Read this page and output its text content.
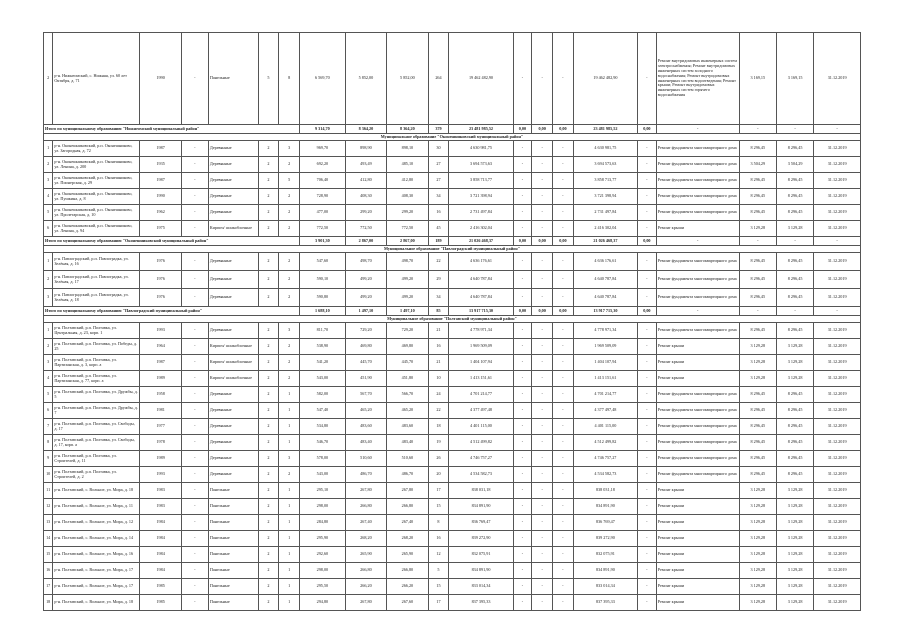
2	р-н. Нижнеомский, с. Нижняя, ул. 60 лет Октября, д. 71	1990	-	Панельные	5	8	6 569,70	5 852,00	5 852,00	264	19 462 482,90	-	-	-	19 462 482,90	-	Ремонт внутридомовых инженерных систем электроснабжения; Ремонт внутридомовых инженерных систем холодного водоснабжения; Ремонт внутридомовых инженерных систем водоотведения; Ремонт крыши; Ремонт внутридомовых инженерных систем горячего водоснабжения	3 169,15	3 169,15	31.12.2019
Итого по муниципальному образованию "Нижнеомский муниципальный район"							9 314,70	8 364,20	8 364,20	379	23 481 985,52	0,00	0,00	0,00	23 481 985,52	0,00	-	-	-	-
Муниципальное образование "Оконешниковский муниципальный район"																				
1	р-н. Оконешниковский, р.п. Оконешниково, ул. Загородная, д. 72	1987	-	Деревянные	2	3	969,70	898,90	898,10	30	4 630 981,75	-	-	-	4 630 981,75	-	Ремонт фундамента многоквартирного дома	8 296,45	8 296,45	31.12.2019
2	р-н. Оконешниковский, р.п. Оконешниково, ул. Ленина, д. 200	1935	-	Деревянные	2	2	692,20	493,49	485,10	27	3 694 573,63	-	-	-	3 694 573,63	-	Ремонт фундамента многоквартирного дома	3 504,29	3 504,29	31.12.2019
3	р-н. Оконешниковский, р.п. Оконешниково, ул. Пионерская, д. 29	1987	-	Деревянные	2	5	706,40	412,80	412,80	27	3 858 713,77	-	-	-	3 858 713,77	-	Ремонт фундамента многоквартирного дома	8 296,45	8 296,45	31.12.2019
4	р-н. Оконешниковский, р.п. Оконешниково, ул. Пушкина, д. 8	1990	-	Деревянные	2	2	728,90	408,30	408,30	34	3 721 398,94	-	-	-	3 721 398,94	-	Ремонт фундамента многоквартирного дома	8 296,45	8 296,45	31.12.2019
5	р-н. Оконешниковский, р.п. Оконешниково, ул. Пролетарская, д. 10	1962	-	Деревянные	2	2	477,00	299,20	299,20	16	2 731 497,84	-	-	-	2 731 497,84	-	Ремонт фундамента многоквартирного дома	8 296,45	8 296,45	31.12.2019
6	р-н. Оконешниковский, р.п. Оконешниково, ул. Ленина, д. 94	1975	-	Кирпич/ шлакоблочные	2	2	772,50	772,50	772,50	45	2 416 302,04	-	-	-	2 416 302,04	-	Ремонт крыши	3 129,28	3 129,28	31.12.2019
Итого по муниципальному образованию "Оконешниковский муниципальный район"							3 901,30	2 867,00	2 867,00	189	21 026 468,37	0,00	0,00	0,00	21 026 468,37	0,00	-	-	-	-
Муниципальное образование "Павлоградский муниципальный район"																				
1	р-н. Павлоградский, р.п. Павлоградка, ул. Зелёная, д. 16	1976	-	Деревянные	2	2	547,60	498,70	498,70	22	4 636 176,61	-	-	-	4 636 176,61	-	Ремонт фундамента многоквартирного дома	8 296,45	8 296,45	31.12.2019
2	р-н. Павлоградский, р.п. Павлоградка, ул. Зелёная, д. 17	1976	-	Деревянные	2	2	590,10	499,20	499,20	29	4 640 787,84	-	-	-	4 640 787,84	-	Ремонт фундамента многоквартирного дома	8 296,45	8 296,45	31.12.2019
3	р-н. Павлоградский, р.п. Павлоградка, ул. Зелёная, д. 18	1976	-	Деревянные	2	2	590,80	499,20	499,20	34	4 640 787,84	-	-	-	4 640 787,84	-	Ремонт фундамента многоквартирного дома	8 296,45	8 296,45	31.12.2019
Итого по муниципальному образованию "Павлоградский муниципальный район"							1 688,10	1 497,10	1 497,10	85	13 917 715,30	0,00	0,00	0,00	13 917 715,30	0,00	-	-	-	-
Муниципальное образование "Полтавский муниципальный район"																				
1	р-н. Полтавский, р.п. Полтавка, ул. Центральная, д. 23, корп. 1	1993	-	Деревянные	2	3	811,70	729,20	729,20	21	4 778 971,34	-	-	-	4 778 971,34	-	Ремонт фундамента многоквартирного дома	8 296,45	8 296,45	31.12.2019
2	р-н. Полтавский, р.п. Полтавка, ул. Победы, д. 25	1964	-	Кирпич/ шлакоблочные	2	2	538,90	469,80	469,80	16	1 969 509,09	-	-	-	1 969 509,09	-	Ремонт крыши	3 129,28	3 129,28	31.12.2019
3	р-н. Полтавский, р.п. Полтавка, ул. Партизанская, д. 3, корп. а	1987	-	Кирпич/ шлакоблочные	2	2	541,20	445,70	445,70	21	1 404 107,94	-	-	-	1 404 107,94	-	Ремонт крыши	3 129,28	3 129,28	31.12.2019
4	р-н. Полтавский, р.п. Полтавка, ул. Партизанская, д. 77, корп. а	1989	-	Кирпич/ шлакоблочные	2	2	543,00	451,90	451,80	10	1 413 151,61	-	-	-	1 413 151,61	-	Ремонт крыши	3 129,28	3 129,28	31.12.2019
5	р-н. Полтавский, р.п. Полтавка, ул. Дружбы, д. 5	1958	-	Деревянные	2	1	582,00	567,70	566,70	24	4 701 214,77	-	-	-	4 701 214,77	-	Ремонт фундамента многоквартирного дома	8 296,45	8 296,45	31.12.2019
6	р-н. Полтавский, р.п. Полтавка, ул. Дружбы, д. 7	1981	-	Деревянные	2	1	547,40	465,20	465,20	22	4 377 497,48	-	-	-	4 377 497,48	-	Ремонт фундамента многоквартирного дома	8 296,45	8 296,45	31.12.2019
7	р-н. Полтавский, р.п. Полтавка, ул. Свободы, д. 17	1977	-	Деревянные	2	1	534,80	483,60	483,60	18	4 401 115,00	-	-	-	4 401 115,00	-	Ремонт фундамента многоквартирного дома	8 296,45	8 296,45	31.12.2019
8	р-н. Полтавский, р.п. Полтавка, ул. Свободы, д. 17, корп. а	1978	-	Деревянные	2	1	546,70	483,40	483,40	19	4 512 499,82	-	-	-	4 512 499,82	-	Ремонт фундамента многоквартирного дома	8 296,45	8 296,45	31.12.2019
9	р-н. Полтавский, р.п. Полтавка, ул. Строителей, д. 11	1989	-	Деревянные	2	3	578,00	510,60	510,60	26	4 746 757,27	-	-	-	4 746 757,27	-	Ремонт фундамента многоквартирного дома	8 296,45	8 296,45	31.12.2019
10	р-н. Полтавский, р.п. Полтавка, ул. Строителей, д. 2	1993	-	Деревянные	2	2	543,00	486,70	486,70	20	4 534 582,73	-	-	-	4 534 582,73	-	Ремонт фундамента многоквартирного дома	8 296,45	8 296,45	31.12.2019
11	р-н. Полтавский, с. Вольное, ул. Мира, д. 18	1983	-	Панельные	2	1	295,10	267,80	267,80	17	838 031,18	-	-	-	838 031,18	-	Ремонт крыши	3 129,28	3 129,28	31.12.2019
12	р-н. Полтавский, с. Вольное, ул. Мира, д. 11	1983	-	Панельные	2	1	298,00	266,80	266,80	15	834 891,90	-	-	-	834 891,90	-	Ремонт крыши	3 129,28	3 129,28	31.12.2019
13	р-н. Полтавский, с. Вольное, ул. Мира, д. 12	1984	-	Панельные	2	1	284,80	267,40	267,40	8	836 769,47	-	-	-	836 769,47	-	Ремонт крыши	3 129,28	3 129,28	31.12.2019
14	р-н. Полтавский, с. Вольное, ул. Мира, д. 14	1984	-	Панельные	2	1	295,90	268,20	268,20	16	839 272,90	-	-	-	839 272,90	-	Ремонт крыши	3 129,28	3 129,28	31.12.2019
15	р-н. Полтавский, с. Вольное, ул. Мира, д. 16	1984	-	Панельные	2	1	292,60	265,90	265,90	12	832 075,91	-	-	-	832 075,91	-	Ремонт крыши	3 129,28	3 129,28	31.12.2019
16	р-н. Полтавский, с. Вольное, ул. Мира, д. 17	1984	-	Панельные	2	1	298,00	266,80	266,80	5	834 891,90	-	-	-	834 891,90	-	Ремонт крыши	3 129,28	3 129,28	31.12.2019
17	р-н. Полтавский, с. Вольное, ул. Мира, д. 17	1985	-	Панельные	2	1	295,50	266,20	266,20	15	833 014,34	-	-	-	833 014,34	-	Ремонт крыши	3 129,28	3 129,28	31.12.2019
18	р-н. Полтавский, с. Вольное, ул. Мира, д. 18	1985	-	Панельные	2	1	294,80	267,80	267,60	17	837 395,33	-	-	-	837 395,33	-	Ремонт крыши	3 129,28	3 129,28	31.12.2019
